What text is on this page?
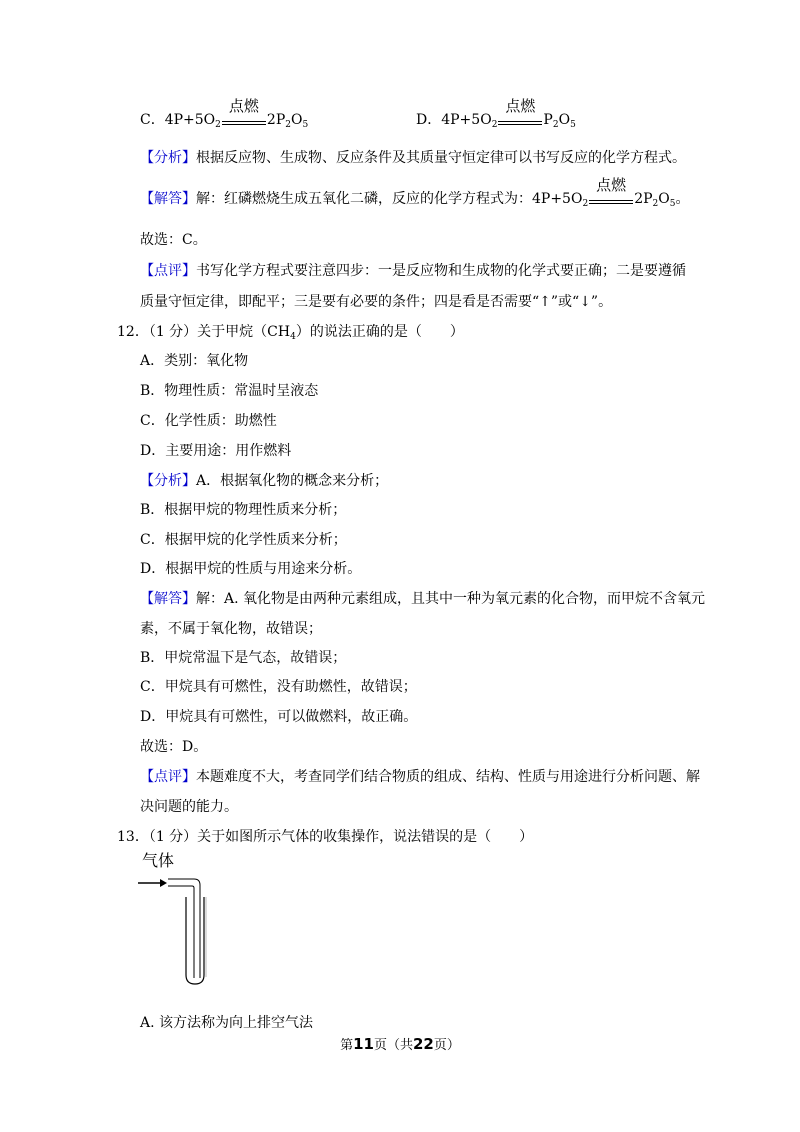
C．$4P+5O_2$
点燃
$2P_2O_5$	D．$4P+5O_2$
点燃
$P_2O_5$
【分析】根据反应物、生成物、反应条件及其质量守恒定律可以书写反应的化学方程式。
【解答】解：红磷燃烧生成五氧化二磷，反应的化学方程式为：$4P+5O_2$
点燃
$2P_2O_5$。
故选：C。
【点评】书写化学方程式要注意四步：一是反应物和生成物的化学式要正确；二是要遵循
质量守恒定律，即配平；三是要有必要的条件；四是看是否需要“↑”或“↓”。
12．（1 分）关于甲烷$(CH_4)$的说法正确的是（　　）
A．类别：氧化物
B．物理性质：常温时呈液态
C．化学性质：助燃性
D．主要用途：用作燃料
【分析】A．根据氧化物的概念来分析；
B．根据甲烷的物理性质来分析；
C．根据甲烷的化学性质来分析；
D．根据甲烷的性质与用途来分析。
【解答】解：A. 氧化物是由两种元素组成，且其中一种为氧元素的化合物，而甲烷不含氧元
素，不属于氧化物，故错误；
B．甲烷常温下是气态，故错误；
C．甲烷具有可燃性，没有助燃性，故错误；
D．甲烷具有可燃性，可以做燃料，故正确。
故选：D。
【点评】本题难度不大，考查同学们结合物质的组成、结构、性质与用途进行分析问题、解
决问题的能力。
13．（1 分）关于如图所示气体的收集操作，说法错误的是（　　）
气体
A. 该方法称为向上排空气法
第11页（共22页）
